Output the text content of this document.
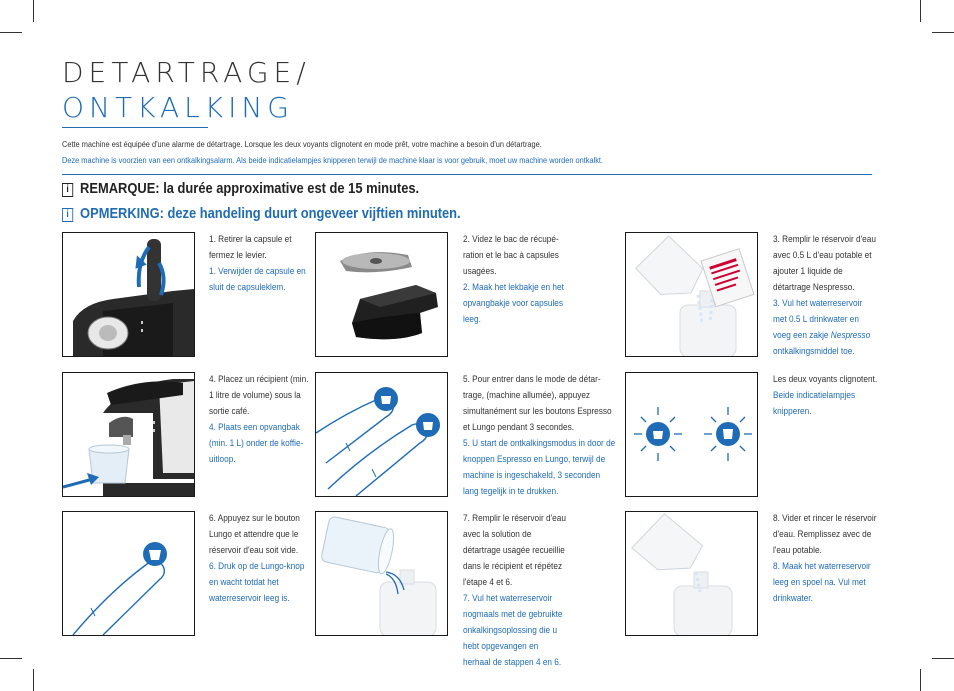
DETARTRAGE/
ONTKALKING
Cette machine est équipée d'une alarme de détartrage. Lorsque les deux voyants clignotent en mode prêt, votre machine a besoin d'un détartrage.
Deze machine is voorzien van een ontkalkingsalarm. Als beide indicatielampjes knipperen terwijl de machine klaar is voor gebruik, moet uw machine worden ontkalkt.
i REMARQUE: la durée approximative est de 15 minutes.
i OPMERKING: deze handeling duurt ongeveer vijftien minuten.
1. Retirer la capsule et fermez le levier.
1. Verwijder de capsule en sluit de capsuleklem.
2. Videz le bac de récupé-ration et le bac à capsules usagées.
2. Maak het lekbakje en het opvangbakje voor capsules leeg.
3. Remplir le réservoir d'eau avec 0.5 L d'eau potable et ajouter 1 liquide de détartrage Nespresso.
3. Vul het waterreservoir met 0.5 L drinkwater en voeg een zakje Nespresso ontkalkingsmiddel toe.
4. Placez un récipient (min. 1 litre de volume) sous la sortie café.
4. Plaats een opvangbak (min. 1 L) onder de koffie-uitloop.
5. Pour entrer dans le mode de détar-trage, (machine allumée), appuyez simultanément sur les boutons Espresso et Lungo pendant 3 secondes.
5. U start de ontkalkingsmodus in door de knoppen Espresso en Lungo, terwijl de machine is ingeschakeld, 3 seconden lang tegelijk in te drukken.
Les deux voyants clignotent.
Beide indicatielampjes knipperen.
6. Appuyez sur le bouton Lungo et attendre que le réservoir d'eau soit vide.
6. Druk op de Lungo-knop en wacht totdat het waterreservoir leeg is.
7. Remplir le réservoir d'eau avec la solution de détartrage usagée recueillie dans le récipient et répétez l'étape 4 et 6.
7. Vul het waterreservoir nogmaals met de gebruikte onkalkingsoplossing die u hebt opgevangen en herhaal de stappen 4 en 6.
8. Vider et rincer le réservoir d'eau. Remplissez avec de l'eau potable.
8. Maak het waterreservoir leeg en spoel na. Vul met drinkwater.
